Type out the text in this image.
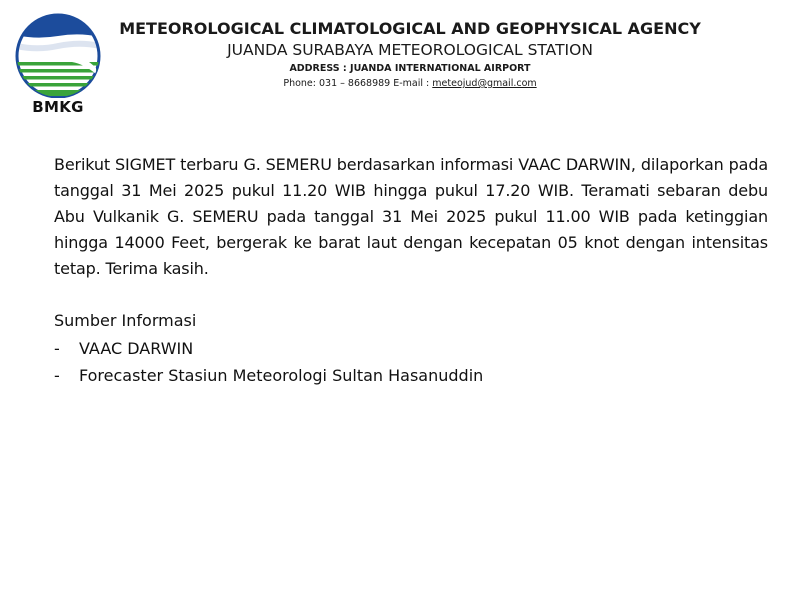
BMKG
METEOROLOGICAL CLIMATOLOGICAL AND GEOPHYSICAL AGENCY
JUANDA SURABAYA METEOROLOGICAL STATION
ADDRESS : JUANDA INTERNATIONAL AIRPORT
Phone: 031 – 8668989 E-mail : meteojud@gmail.com

Berikut SIGMET terbaru G. SEMERU berdasarkan informasi VAAC DARWIN, dilaporkan pada tanggal 31 Mei 2025 pukul 11.20 WIB hingga pukul 17.20 WIB. Teramati sebaran debu Abu Vulkanik G. SEMERU pada tanggal 31 Mei 2025 pukul 11.00 WIB pada ketinggian hingga 14000 Feet, bergerak ke barat laut dengan kecepatan 05 knot dengan intensitas tetap. Terima kasih.

Sumber Informasi
-	VAAC DARWIN
-	Forecaster Stasiun Meteorologi Sultan Hasanuddin
